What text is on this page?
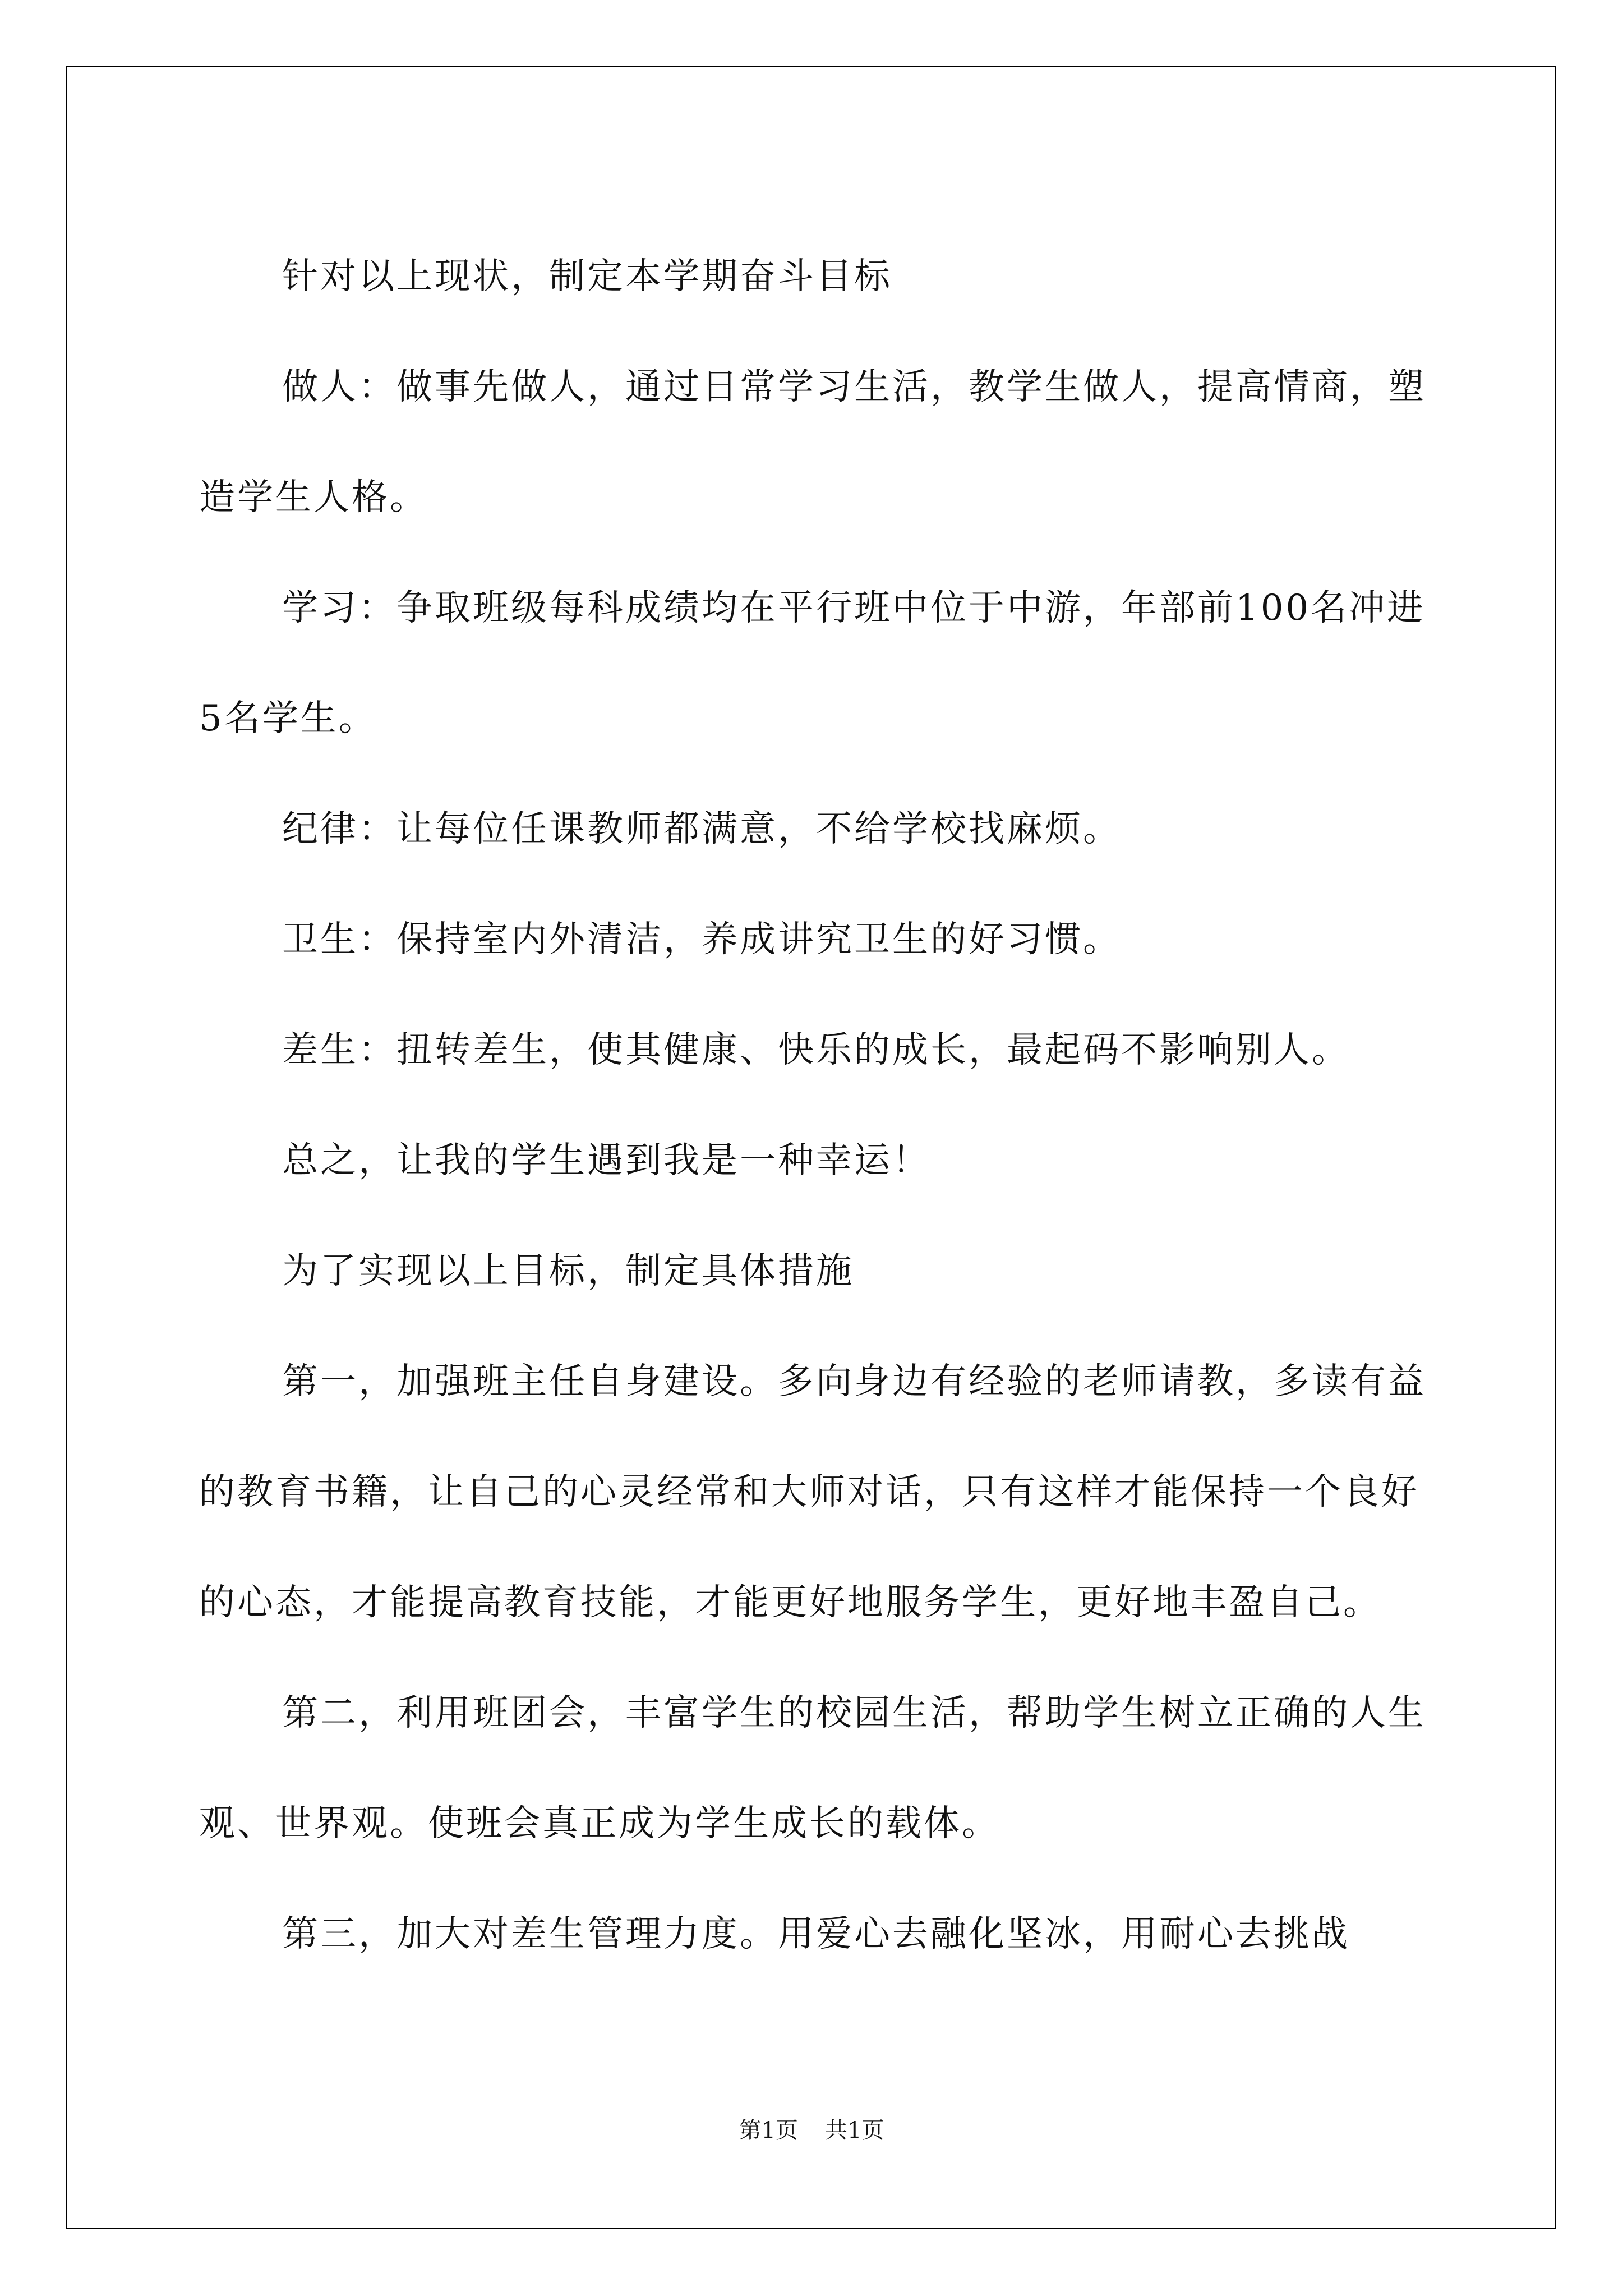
针对以上现状，制定本学期奋斗目标

做人：做事先做人，通过日常学习生活，教学生做人，提高情商，塑造学生人格。

学习：争取班级每科成绩均在平行班中位于中游，年部前100名冲进5名学生。

纪律：让每位任课教师都满意，不给学校找麻烦。

卫生：保持室内外清洁，养成讲究卫生的好习惯。

差生：扭转差生，使其健康、快乐的成长，最起码不影响别人。

总之，让我的学生遇到我是一种幸运！

为了实现以上目标，制定具体措施

第一，加强班主任自身建设。多向身边有经验的老师请教，多读有益的教育书籍，让自己的心灵经常和大师对话，只有这样才能保持一个良好的心态，才能提高教育技能，才能更好地服务学生，更好地丰盈自己。

第二，利用班团会，丰富学生的校园生活，帮助学生树立正确的人生观、世界观。使班会真正成为学生成长的载体。

第三，加大对差生管理力度。用爱心去融化坚冰，用耐心去挑战

第1页 共1页
